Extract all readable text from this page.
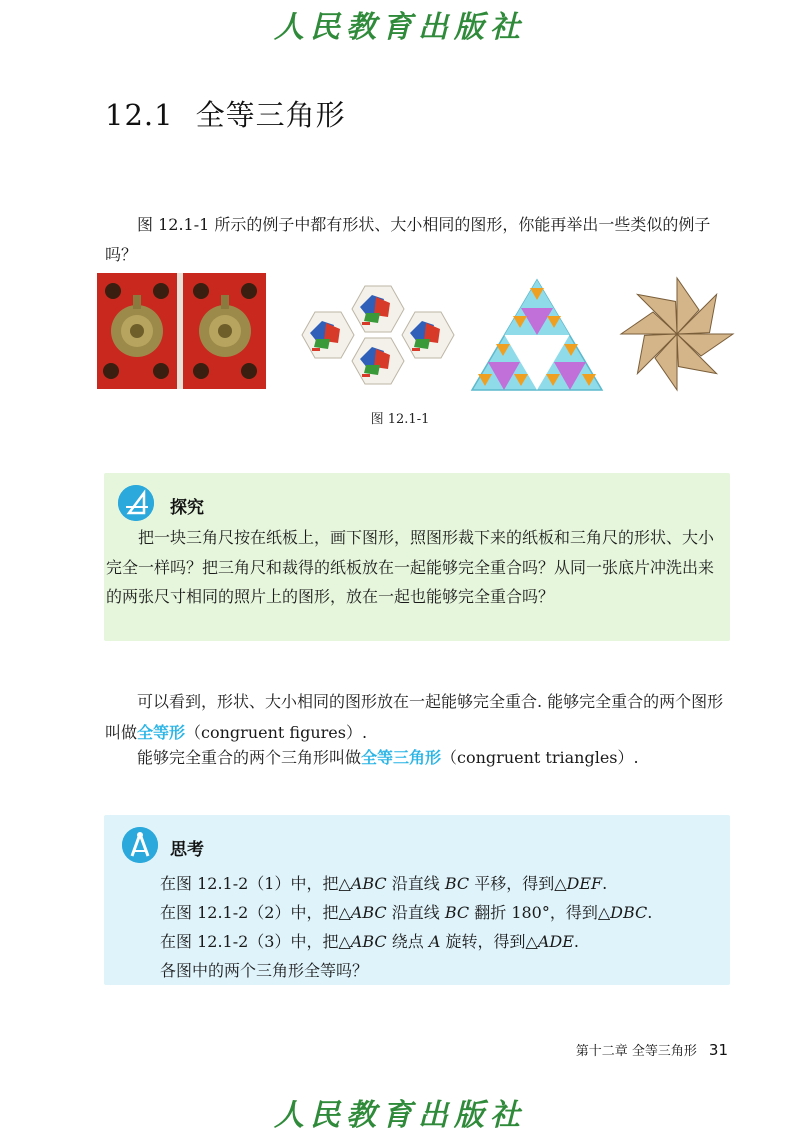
人民教育出版社
12.1 全等三角形
图 12.1-1 所示的例子中都有形状、大小相同的图形，你能再举出一些类似的例子吗？
图 12.1-1
探究
把一块三角尺按在纸板上，画下图形，照图形裁下来的纸板和三角尺的形状、大小完全一样吗？把三角尺和裁得的纸板放在一起能够完全重合吗？从同一张底片冲洗出来的两张尺寸相同的照片上的图形，放在一起也能够完全重合吗？
可以看到，形状、大小相同的图形放在一起能够完全重合. 能够完全重合的两个图形叫做全等形（congruent figures）.
能够完全重合的两个三角形叫做全等三角形（congruent triangles）.
思考
在图 12.1-2（1）中，把△ABC 沿直线 BC 平移，得到△DEF.
在图 12.1-2（2）中，把△ABC 沿直线 BC 翻折 180°，得到△DBC.
在图 12.1-2（3）中，把△ABC 绕点 A 旋转，得到△ADE.
各图中的两个三角形全等吗？
第十二章 全等三角形 31
人民教育出版社
